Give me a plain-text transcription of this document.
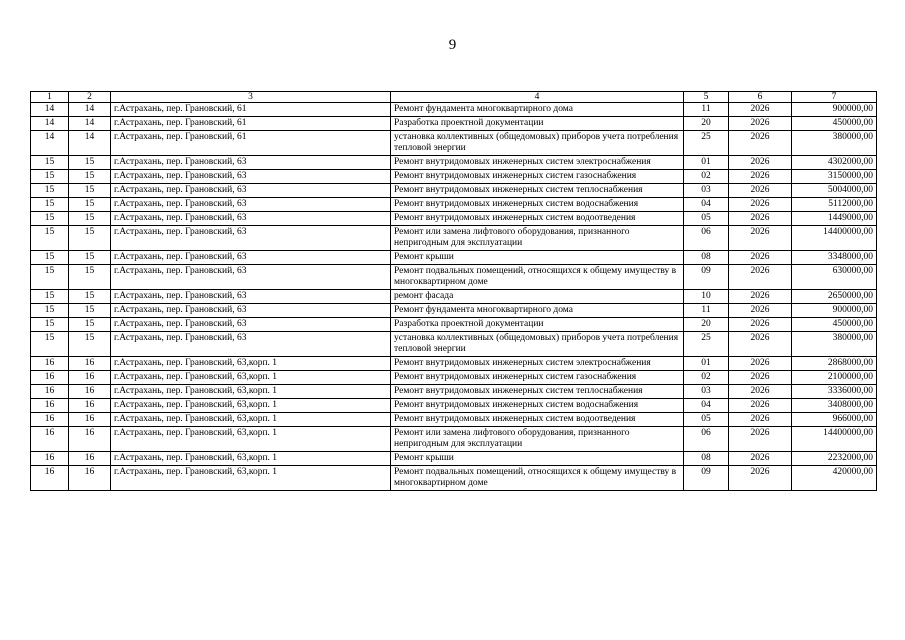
9
1	2	3	4	5	6	7
14	14	г.Астрахань, пер. Грановский, 61	Ремонт фундамента многоквартирного дома	11	2026	900000,00
14	14	г.Астрахань, пер. Грановский, 61	Разработка проектной документации	20	2026	450000,00
14	14	г.Астрахань, пер. Грановский, 61	установка коллективных (общедомовых) приборов учета потребления тепловой энергии	25	2026	380000,00
15	15	г.Астрахань, пер. Грановский, 63	Ремонт внутридомовых инженерных систем электроснабжения	01	2026	4302000,00
15	15	г.Астрахань, пер. Грановский, 63	Ремонт внутридомовых инженерных систем газоснабжения	02	2026	3150000,00
15	15	г.Астрахань, пер. Грановский, 63	Ремонт внутридомовых инженерных систем теплоснабжения	03	2026	5004000,00
15	15	г.Астрахань, пер. Грановский, 63	Ремонт внутридомовых инженерных систем водоснабжения	04	2026	5112000,00
15	15	г.Астрахань, пер. Грановский, 63	Ремонт внутридомовых инженерных систем водоотведения	05	2026	1449000,00
15	15	г.Астрахань, пер. Грановский, 63	Ремонт или замена лифтового оборудования, признанного непригодным для эксплуатации	06	2026	14400000,00
15	15	г.Астрахань, пер. Грановский, 63	Ремонт крыши	08	2026	3348000,00
15	15	г.Астрахань, пер. Грановский, 63	Ремонт подвальных помещений, относящихся к общему имуществу в многоквартирном доме	09	2026	630000,00
15	15	г.Астрахань, пер. Грановский, 63	ремонт фасада	10	2026	2650000,00
15	15	г.Астрахань, пер. Грановский, 63	Ремонт фундамента многоквартирного дома	11	2026	900000,00
15	15	г.Астрахань, пер. Грановский, 63	Разработка проектной документации	20	2026	450000,00
15	15	г.Астрахань, пер. Грановский, 63	установка коллективных (общедомовых) приборов учета потребления тепловой энергии	25	2026	380000,00
16	16	г.Астрахань, пер. Грановский, 63,корп. 1	Ремонт внутридомовых инженерных систем электроснабжения	01	2026	2868000,00
16	16	г.Астрахань, пер. Грановский, 63,корп. 1	Ремонт внутридомовых инженерных систем газоснабжения	02	2026	2100000,00
16	16	г.Астрахань, пер. Грановский, 63,корп. 1	Ремонт внутридомовых инженерных систем теплоснабжения	03	2026	3336000,00
16	16	г.Астрахань, пер. Грановский, 63,корп. 1	Ремонт внутридомовых инженерных систем водоснабжения	04	2026	3408000,00
16	16	г.Астрахань, пер. Грановский, 63,корп. 1	Ремонт внутридомовых инженерных систем водоотведения	05	2026	966000,00
16	16	г.Астрахань, пер. Грановский, 63,корп. 1	Ремонт или замена лифтового оборудования, признанного непригодным для эксплуатации	06	2026	14400000,00
16	16	г.Астрахань, пер. Грановский, 63,корп. 1	Ремонт крыши	08	2026	2232000,00
16	16	г.Астрахань, пер. Грановский, 63,корп. 1	Ремонт подвальных помещений, относящихся к общему имуществу в многоквартирном доме	09	2026	420000,00
